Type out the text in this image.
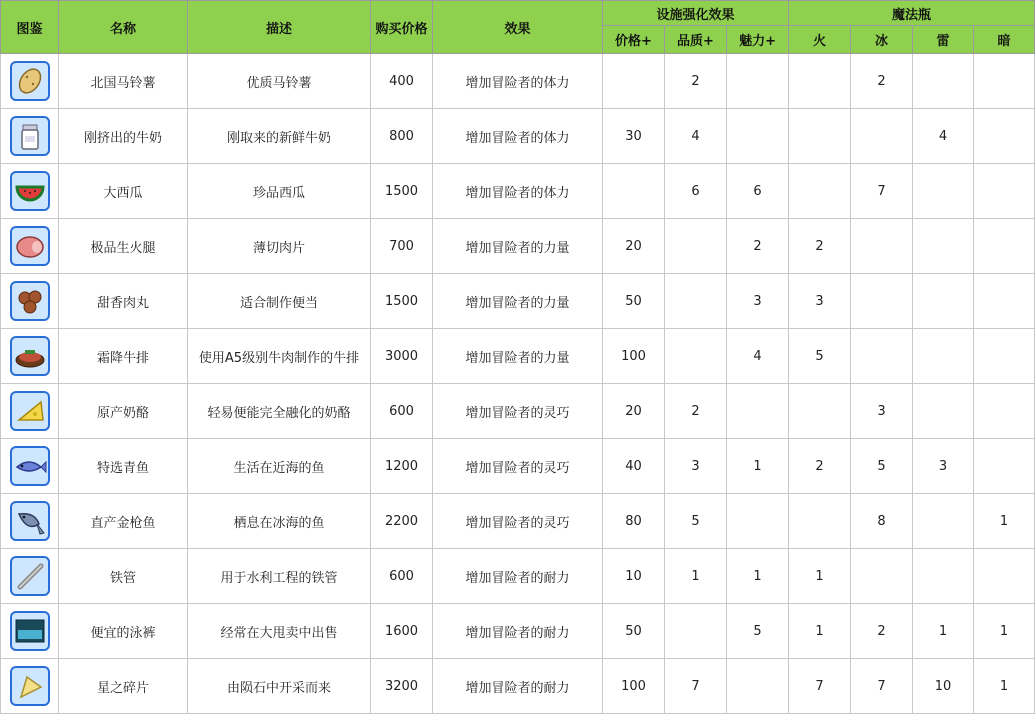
图鉴	名称	描述	购买价格	效果	设施强化效果			魔法瓶			
					价格+	品质+	魅力+	火	冰	雷	暗

	北国马铃薯	优质马铃薯	400	增加冒险者的体力		2			2		

	刚挤出的牛奶	刚取来的新鲜牛奶	800	增加冒险者的体力	30	4				4	

	大西瓜	珍品西瓜	1500	增加冒险者的体力		6	6		7		

	极品生火腿	薄切肉片	700	增加冒险者的力量	20		2	2			

	甜香肉丸	适合制作便当	1500	增加冒险者的力量	50		3	3			

	霜降牛排	使用A5级别牛肉制作的牛排	3000	增加冒险者的力量	100		4	5			

	原产奶酪	轻易便能完全融化的奶酪	600	增加冒险者的灵巧	20	2			3		

	特选青鱼	生活在近海的鱼	1200	增加冒险者的灵巧	40	3	1	2	5	3	

	直产金枪鱼	栖息在冰海的鱼	2200	增加冒险者的灵巧	80	5			8		1

	铁管	用于水利工程的铁管	600	增加冒险者的耐力	10	1	1	1			

	便宜的泳裤	经常在大甩卖中出售	1600	增加冒险者的耐力	50		5	1	2	1	1

	星之碎片	由陨石中开采而来	3200	增加冒险者的耐力	100	7		7	7	10	1
